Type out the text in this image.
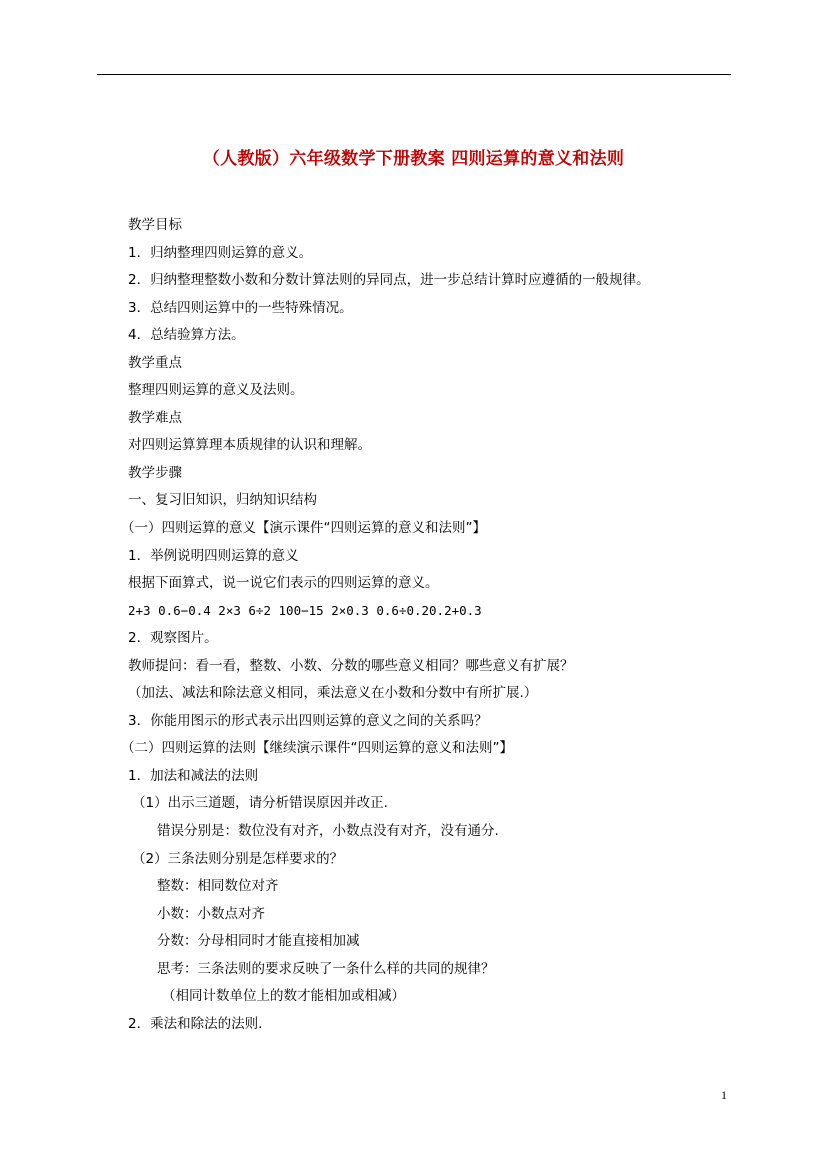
（人教版）六年级数学下册教案 四则运算的意义和法则
教学目标
1．归纳整理四则运算的意义。
2．归纳整理整数小数和分数计算法则的异同点，进一步总结计算时应遵循的一般规律。
3．总结四则运算中的一些特殊情况。
4．总结验算方法。
教学重点
整理四则运算的意义及法则。
教学难点
对四则运算算理本质规律的认识和理解。
教学步骤
一、复习旧知识，归纳知识结构
（一）四则运算的意义【演示课件“四则运算的意义和法则”】
1．举例说明四则运算的意义
根据下面算式，说一说它们表示的四则运算的意义。
2+3 0.6−0.4 2×3 6÷2 100−15 2×0.3 0.6÷0.20.2+0.3
2．观察图片。
教师提问：看一看，整数、小数、分数的哪些意义相同？哪些意义有扩展？
（加法、减法和除法意义相同，乘法意义在小数和分数中有所扩展.）
3．你能用图示的形式表示出四则运算的意义之间的关系吗？
（二）四则运算的法则【继续演示课件“四则运算的意义和法则”】
1．加法和减法的法则
（1）出示三道题，请分析错误原因并改正.
错误分别是：数位没有对齐，小数点没有对齐，没有通分.
（2）三条法则分别是怎样要求的？
整数：相同数位对齐
小数：小数点对齐
分数：分母相同时才能直接相加减
思考：三条法则的要求反映了一条什么样的共同的规律？
（相同计数单位上的数才能相加或相减）
2．乘法和除法的法则.
1
